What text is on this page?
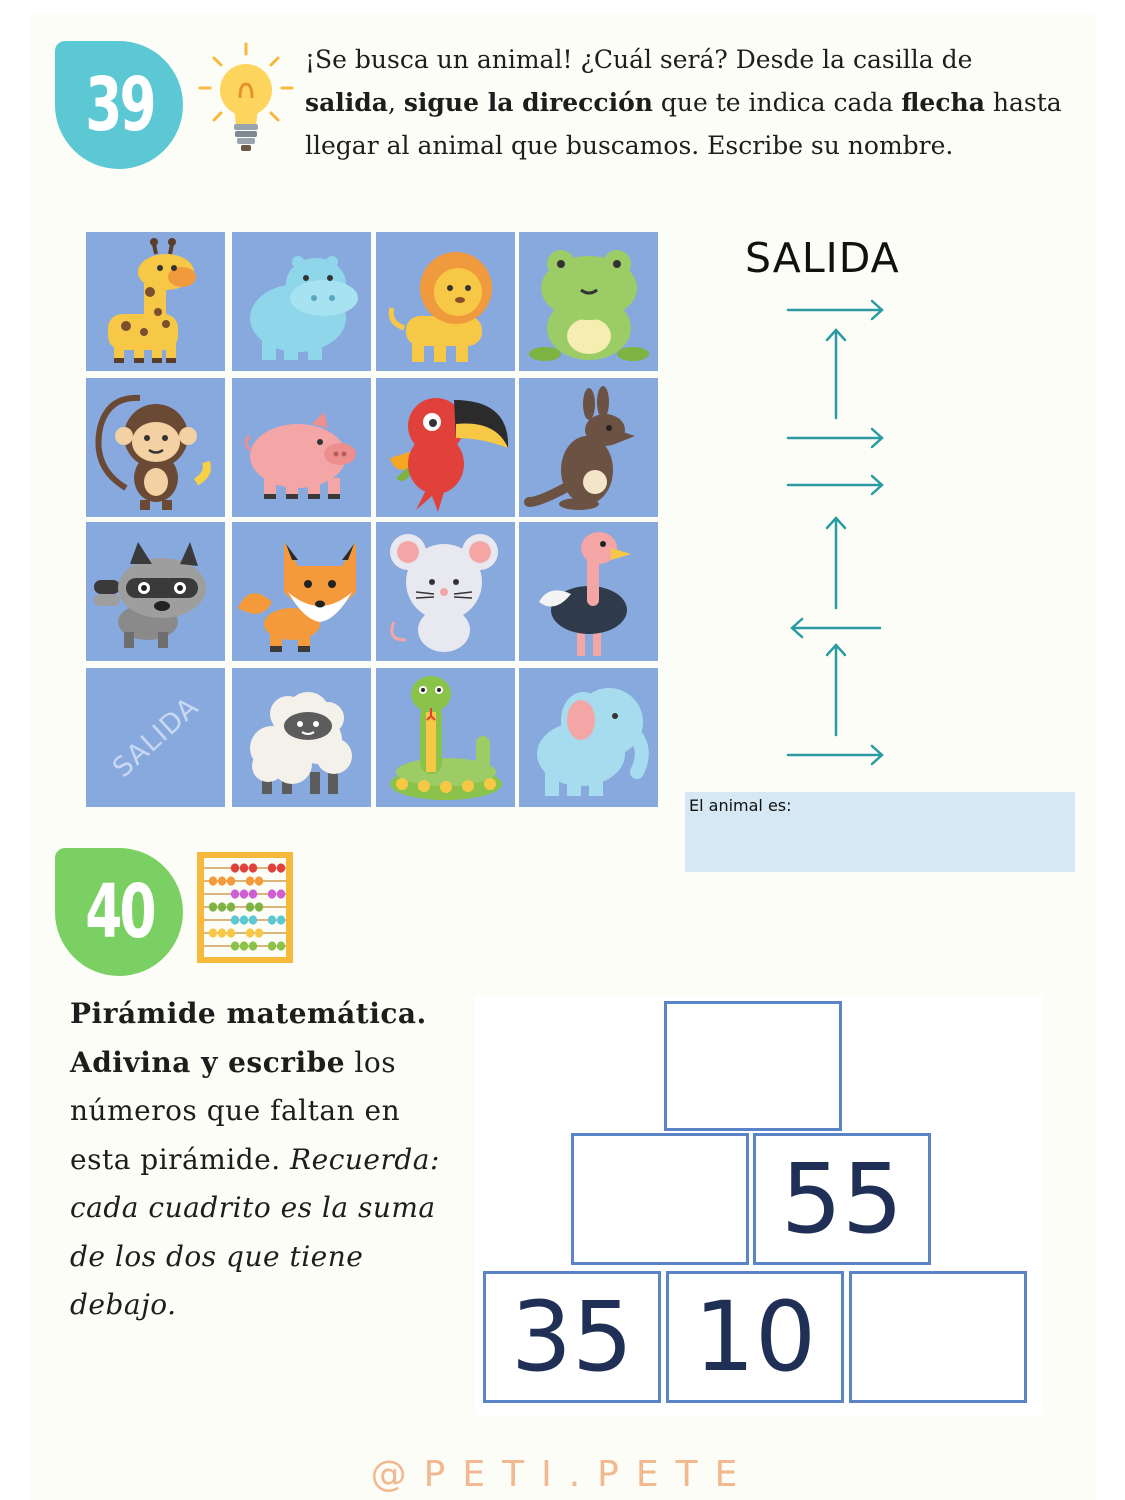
39
¡Se busca un animal! ¿Cuál será? Desde la casilla de salida, sigue la dirección que te indica cada flecha hasta llegar al animal que buscamos. Escribe su nombre.
SALIDA
SALIDA
El animal es:
40
Pirámide matemática. Adivina y escribe los números que faltan en esta pirámide. Recuerda: cada cuadrito es la suma de los dos que tiene debajo.
55
35 10
@PETI.PETE
